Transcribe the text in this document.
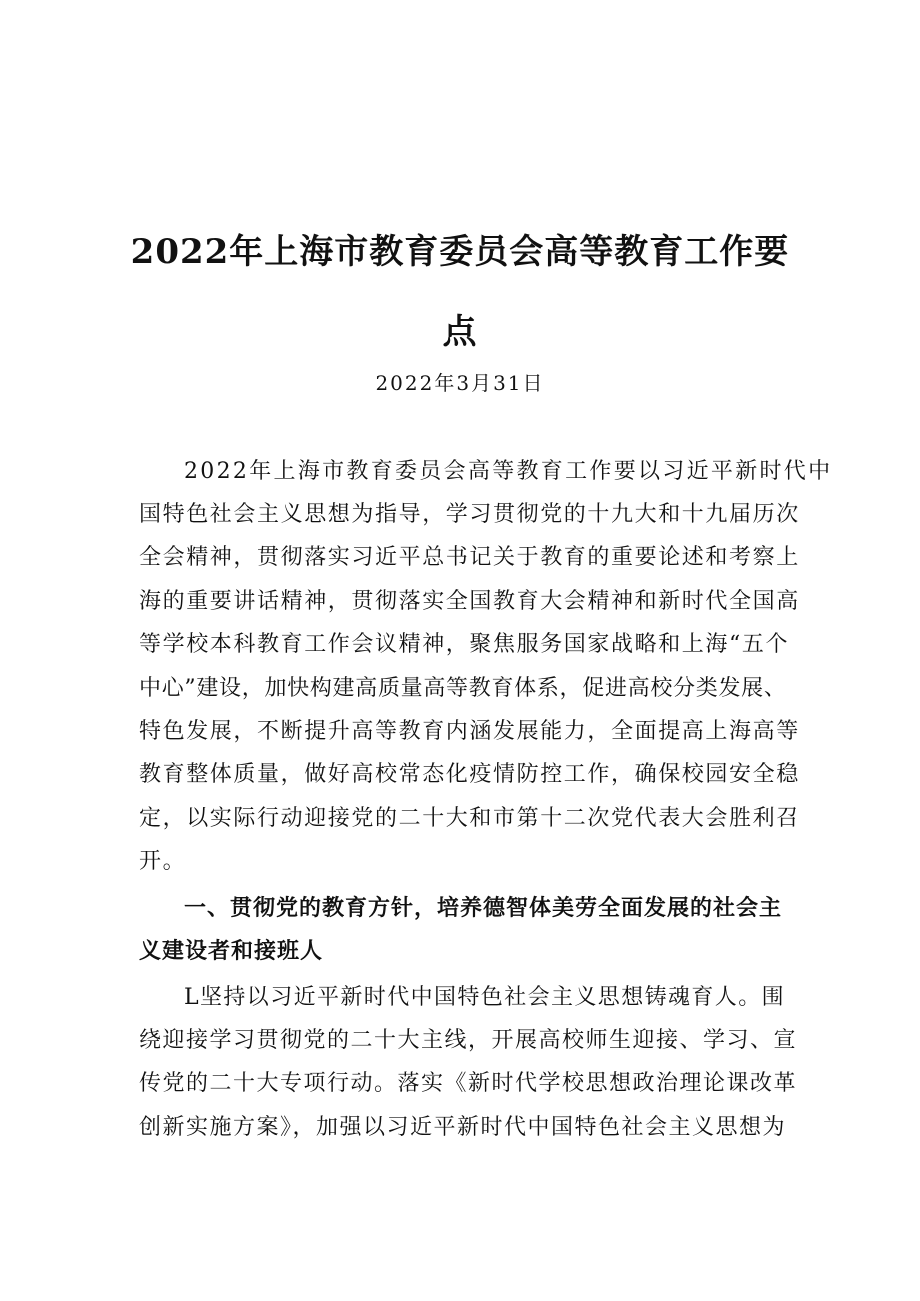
2022年上海市教育委员会高等教育工作要
点
2022年3月31日
2022年上海市教育委员会高等教育工作要以习近平新时代中
国特色社会主义思想为指导，学习贯彻党的十九大和十九届历次
全会精神，贯彻落实习近平总书记关于教育的重要论述和考察上
海的重要讲话精神，贯彻落实全国教育大会精神和新时代全国高
等学校本科教育工作会议精神，聚焦服务国家战略和上海“五个
中心”建设，加快构建高质量高等教育体系，促进高校分类发展、
特色发展，不断提升高等教育内涵发展能力，全面提高上海高等
教育整体质量，做好高校常态化疫情防控工作，确保校园安全稳
定，以实际行动迎接党的二十大和市第十二次党代表大会胜利召
开。
一、贯彻党的教育方针，培养德智体美劳全面发展的社会主
义建设者和接班人
L坚持以习近平新时代中国特色社会主义思想铸魂育人。围
绕迎接学习贯彻党的二十大主线，开展高校师生迎接、学习、宣
传党的二十大专项行动。落实《新时代学校思想政治理论课改革
创新实施方案》，加强以习近平新时代中国特色社会主义思想为
